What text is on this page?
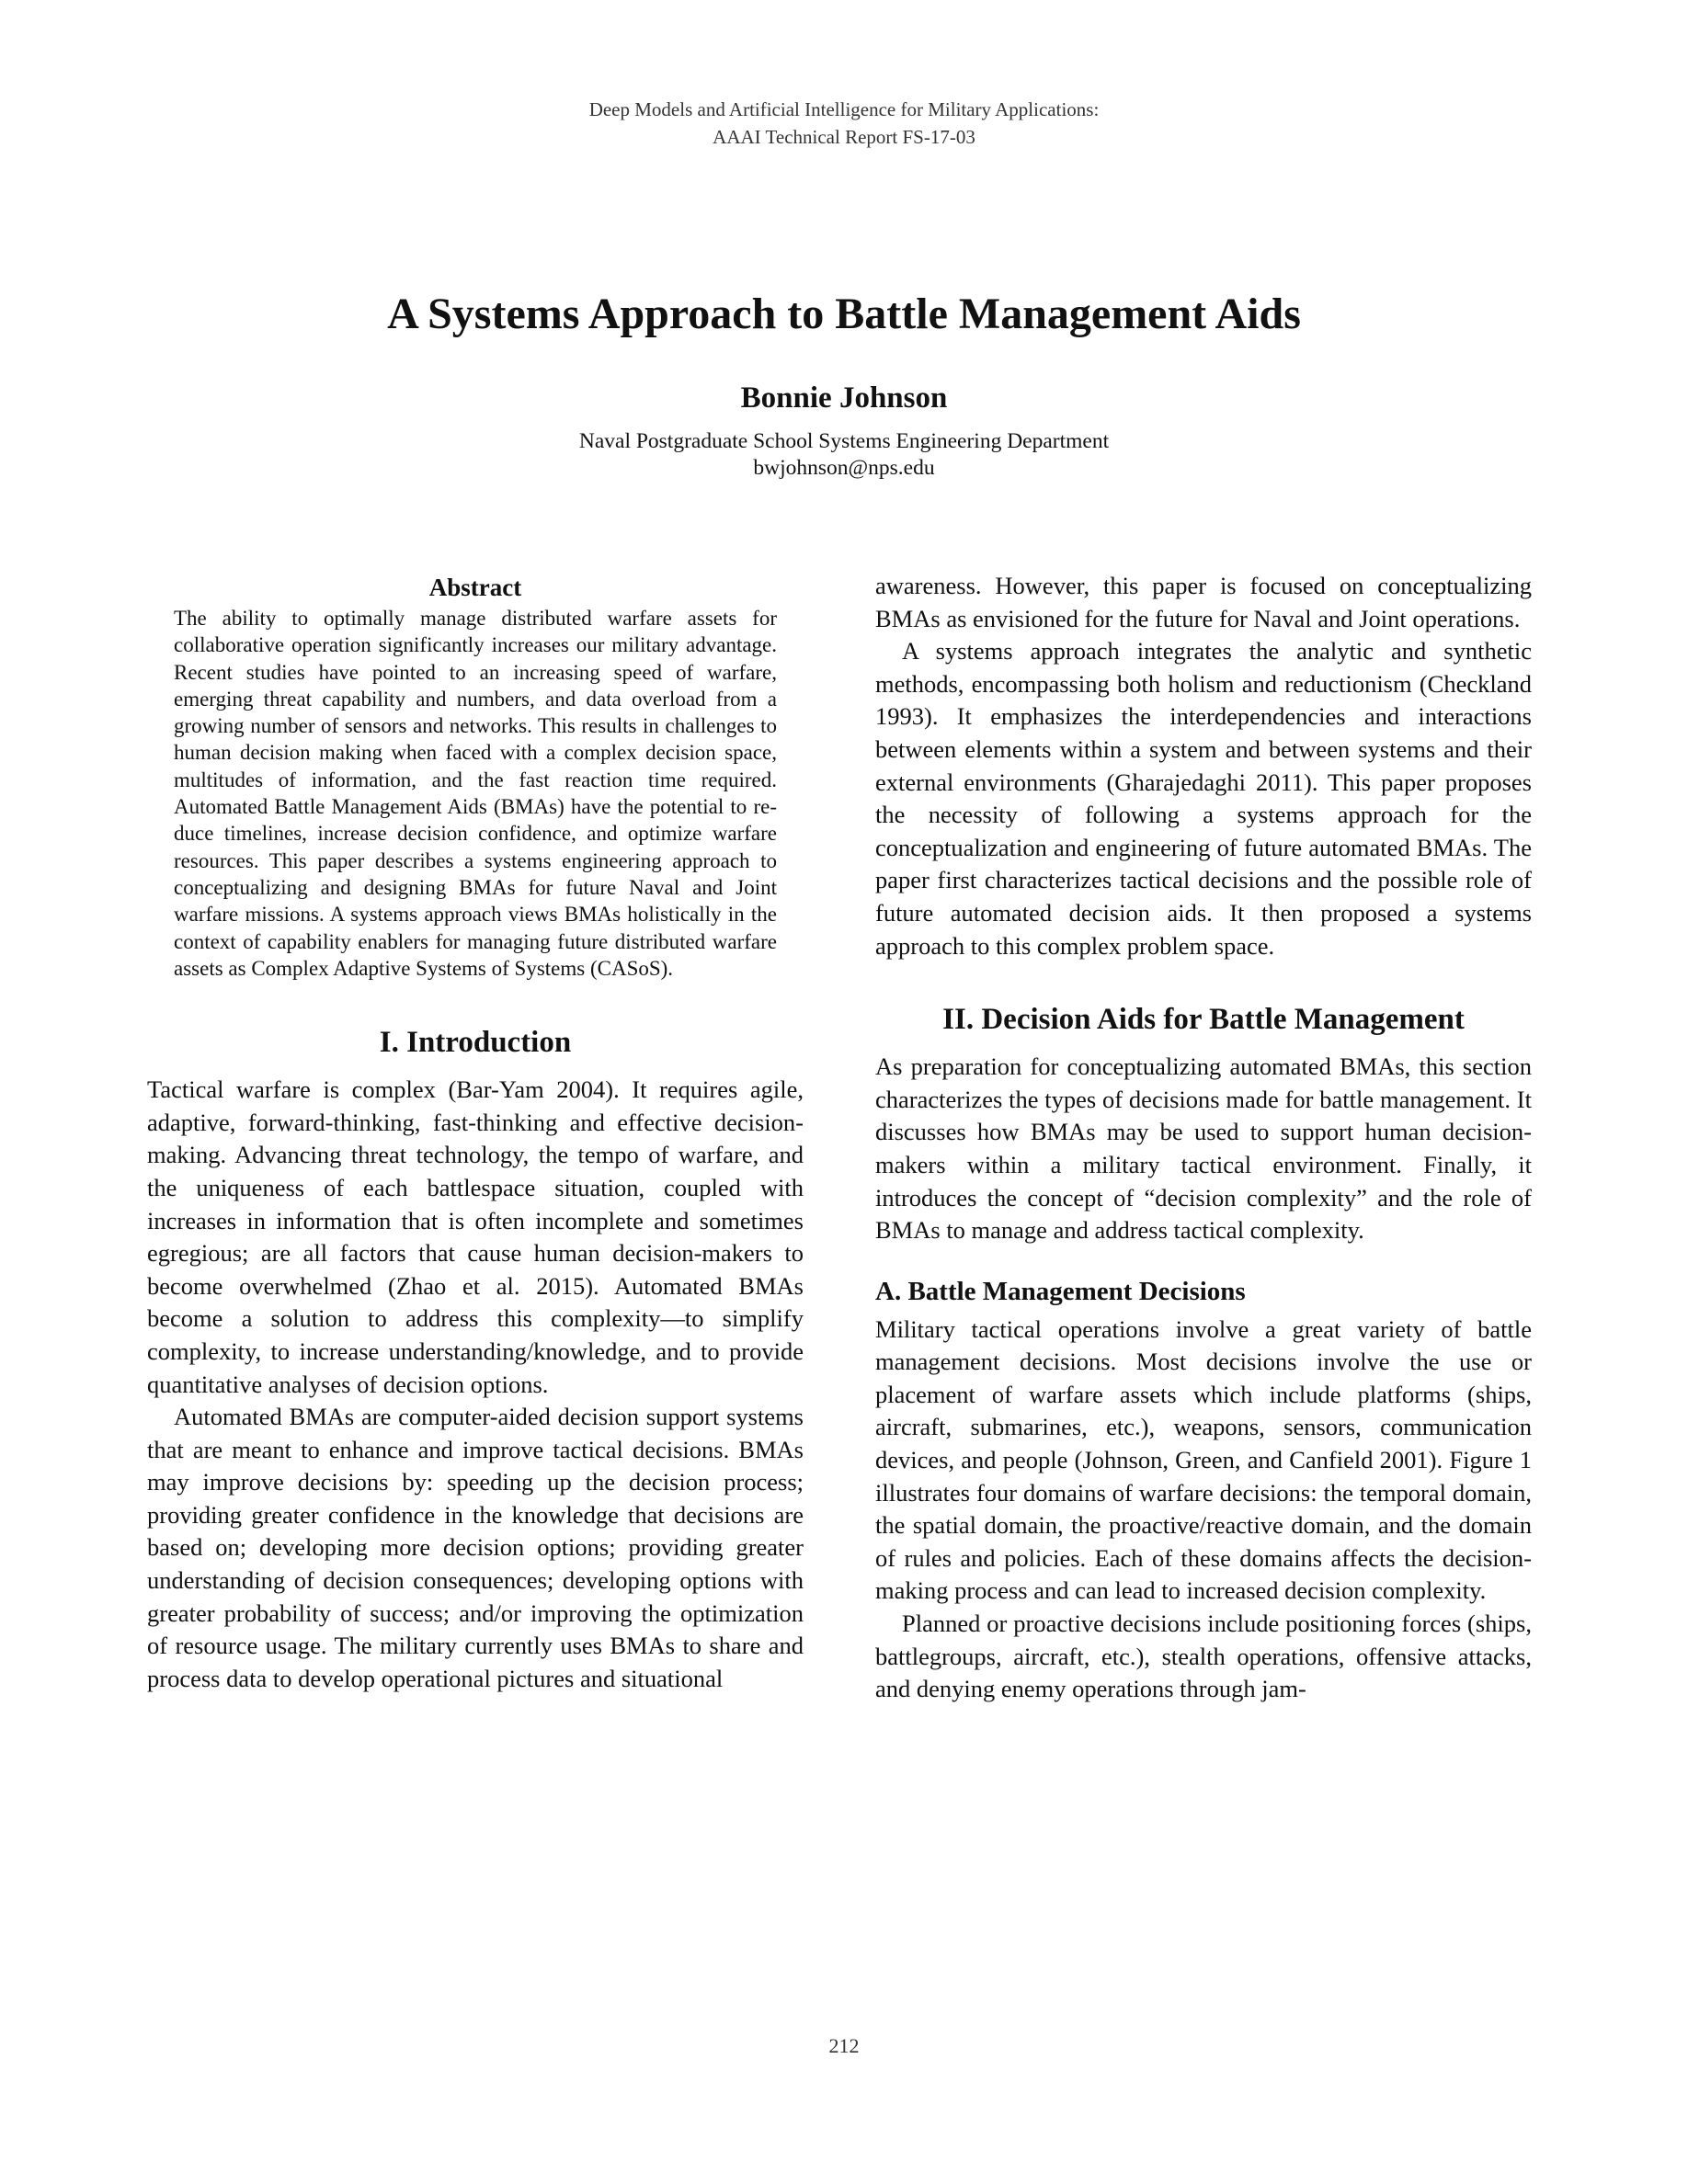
Deep Models and Artificial Intelligence for Military Applications:
AAAI Technical Report FS-17-03
A Systems Approach to Battle Management Aids
Bonnie Johnson
Naval Postgraduate School Systems Engineering Department
bwjohnson@nps.edu
Abstract

The ability to optimally manage distributed warfare assets for collaborative operation significantly increases our military advantage. Recent studies have pointed to an increasing speed of warfare, emerging threat capability and numbers, and data overload from a growing number of sensors and networks. This results in challenges to human decision making when faced with a complex decision space, multitudes of information, and the fast reaction time required. Automated Battle Management Aids (BMAs) have the potential to reduce timelines, increase decision confidence, and optimize warfare resources. This paper describes a systems engineering approach to conceptualizing and designing BMAs for future Naval and Joint warfare missions. A systems approach views BMAs holistically in the context of capability enablers for managing future distributed warfare assets as Complex Adaptive Systems of Systems (CASoS).

I. Introduction

Tactical warfare is complex (Bar-Yam 2004). It requires agile, adaptive, forward-thinking, fast-thinking and effective decision-making. Advancing threat technology, the tempo of warfare, and the uniqueness of each battlespace situation, coupled with increases in information that is often incomplete and sometimes egregious; are all factors that cause human decision-makers to become overwhelmed (Zhao et al. 2015). Automated BMAs become a solution to address this complexity—to simplify complexity, to increase understanding/knowledge, and to provide quantitative analyses of decision options.

Automated BMAs are computer-aided decision support systems that are meant to enhance and improve tactical decisions. BMAs may improve decisions by: speeding up the decision process; providing greater confidence in the knowledge that decisions are based on; developing more decision options; providing greater understanding of decision consequences; developing options with greater probability of success; and/or improving the optimization of resource usage. The military currently uses BMAs to share and process data to develop operational pictures and situational

awareness. However, this paper is focused on conceptualizing BMAs as envisioned for the future for Naval and Joint operations.

A systems approach integrates the analytic and synthetic methods, encompassing both holism and reductionism (Checkland 1993). It emphasizes the interdependencies and interactions between elements within a system and between systems and their external environments (Gharajedaghi 2011). This paper proposes the necessity of following a systems approach for the conceptualization and engineering of future automated BMAs. The paper first characterizes tactical decisions and the possible role of future automated decision aids. It then proposed a systems approach to this complex problem space.

II. Decision Aids for Battle Management

As preparation for conceptualizing automated BMAs, this section characterizes the types of decisions made for battle management. It discusses how BMAs may be used to support human decision-makers within a military tactical environment. Finally, it introduces the concept of “decision complexity” and the role of BMAs to manage and address tactical complexity.

A. Battle Management Decisions

Military tactical operations involve a great variety of battle management decisions. Most decisions involve the use or placement of warfare assets which include platforms (ships, aircraft, submarines, etc.), weapons, sensors, communication devices, and people (Johnson, Green, and Canfield 2001). Figure 1 illustrates four domains of warfare decisions: the temporal domain, the spatial domain, the proactive/reactive domain, and the domain of rules and policies. Each of these domains affects the decision-making process and can lead to increased decision complexity.

Planned or proactive decisions include positioning forces (ships, battlegroups, aircraft, etc.), stealth operations, offensive attacks, and denying enemy operations through jam-

212
